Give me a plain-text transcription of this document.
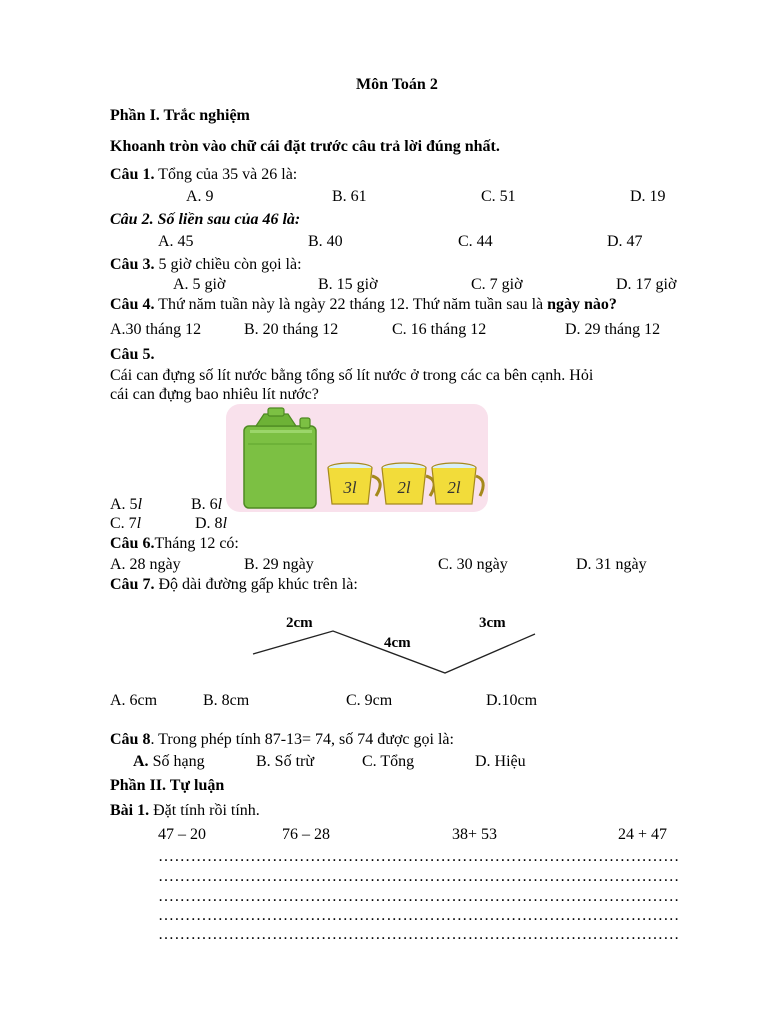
Môn Toán 2
Phần I. Trắc nghiệm
Khoanh tròn vào chữ cái đặt trước câu trả lời đúng nhất.
Câu 1. Tổng của 35 và 26 là:
A. 9	B. 61	C. 51	D. 19
Câu 2. Số liền sau của 46 là:
A. 45	B. 40	C. 44	D. 47
Câu 3. 5 giờ chiều còn gọi là:
A. 5 giờ	B. 15 giờ	C. 7 giờ	D. 17 giờ
Câu 4. Thứ năm tuần này là ngày 22 tháng 12. Thứ năm tuần sau là ngày nào?
A.30 tháng 12	B. 20 tháng 12	C. 16 tháng 12	D. 29 tháng 12
Câu 5.
Cái can đựng số lít nước bằng tổng số lít nước ở trong các ca bên cạnh. Hỏi
cái can đựng bao nhiêu lít nước?
3l 2l 2l
A. 5l	B. 6l
C. 7l	D. 8l
Câu 6.Tháng 12 có:
A. 28 ngày	B. 29 ngày	C. 30 ngày	D. 31 ngày
Câu 7. Độ dài đường gấp khúc trên là:
2cm
4cm
3cm
A. 6cm	B. 8cm	C. 9cm	D.10cm
Câu 8. Trong phép tính 87-13= 74, số 74 được gọi là:
A. Số hạng	B. Số trừ	C. Tổng	D. Hiệu
Phần II. Tự luận
Bài 1. Đặt tính rồi tính.
47 – 20	76 – 28	38+ 53	24 + 47
……………………………………………………………………………………
……………………………………………………………………………………
……………………………………………………………………………………
……………………………………………………………………………………
……………………………………………………………………………………
